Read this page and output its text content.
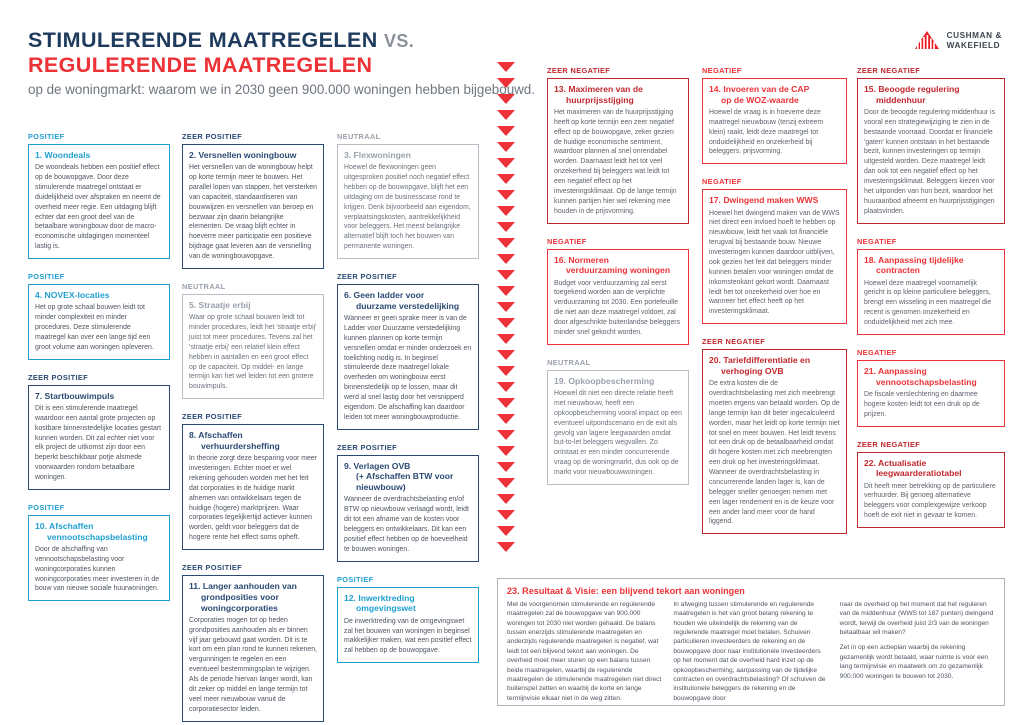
STIMULERENDE MAATREGELEN VS.
REGULERENDE MAATREGELEN
op de woningmarkt: waarom we in 2030 geen 900.000 woningen hebben bijgebouwd.
CUSHMAN &
WAKEFIELD
POSITIEF
1. Woondeals
De woondeals hebben een positief effect op de bouwopgave. Door deze stimulerende maatregel ontstaat er duidelijkheid over afspraken en neemt de overheid meer regie. Een uitdaging blijft echter dat een groot deel van de betaalbare woningbouw door de macro-economische uitdagingen momenteel lastig is.
POSITIEF
4. NOVEX-locaties
Het op grote schaal bouwen leidt tot minder complexiteit en minder procedures. Deze stimulerende maatregel kan over een lange tijd een groot volume aan woningen opleveren.
ZEER POSITIEF
7. Startbouwimpuls
Dit is een stimulerende maatregel waardoor een aantal grote projecten op kostbare binnenstedelijke locaties gestart kunnen worden. Dit zal echter niet voor elk project de uitkomst zijn door een beperkt beschikbaar potje alsmede voorwaarden rondom betaalbare woningen.
POSITIEF
10. Afschaffen
vennootschapsbelasting
Door de afschaffing van vennootschapsbelasting voor woningcorporaties kunnen woningcorporaties meer investeren in de bouw van nieuwe sociale huurwoningen.
ZEER POSITIEF
2. Versnellen woningbouw
Het versnellen van de woningbouw helpt op korte termijn meer te bouwen. Het parallel lopen van stappen, het versterken van capaciteit, standaardiseren van bouwwijzen en versnellen van beroep en bezwaar zijn daarin belangrijke elementen. De vraag blijft echter in hoeverre meer participatie een positieve bijdrage gaat leveren aan de versnelling van de woningbouwopgave.
NEUTRAAL
5. Straatje erbij
Waar op grote schaal bouwen leidt tot minder procedures, leidt het 'straatje erbij' juist tot meer procedures. Tevens zal het 'straatje erbij' een relatief klein effect hebben in aantallen en een groot effect op de capaciteit. Op middel- en lange termijn kan het wel leiden tot een grotere bouwimpuls.
ZEER POSITIEF
8. Afschaffen
verhuurdersheffing
In theorie zorgt deze besparing voor meer investeringen. Echter moet er wel rekening gehouden worden met het feit dat corporaties in de huidige markt afnemen van ontwikkelaars tegen de huidige (hogere) marktprijzen. Waar corporaties tegelijkertijd actiever kunnen worden, geldt voor beleggers dat de hogere rente het effect soms opheft.
ZEER POSITIEF
11. Langer aanhouden van
grondposities voor woningcorporaties
Corporaties mogen tot op heden grondposities aanhouden als er binnen vijf jaar gebouwd gaat worden. Dit is te kort om een plan rond te kunnen rekenen, vergunningen te regelen en een eventueel bestemmingsplan te wijzigen. Als de periode hiervan langer wordt, kan dit zeker op middel en lange termijn tot veel meer nieuwbouw vanuit de corporatiesector leiden.
NEUTRAAL
3. Flexwoningen
Hoewel de flexwoningen geen uitgesproken positief noch negatief effect hebben op de bouwopgave, blijft het een uitdaging om de businesscase rond te krijgen. Denk bijvoorbeeld aan eigendom, verplaatsingskosten, aantrekkelijkheid voor beleggers. Het meest belangrijke alternatief blijft toch het bouwen van permanente woningen.
ZEER POSITIEF
6. Geen ladder voor
duurzame verstedelijking
Wanneer er geen sprake meer is van de Ladder voor Duurzame verstedelijking kunnen plannen op korte termijn versnellen omdat er minder onderzoek en toelichting nodig is. In beginsel stimuleerde deze maatregel lokale overheden om woningbouw eerst binnenstedelijk op te lossen, maar dit werd al snel lastig door het versnipperd eigendom. De afschaffing kan daardoor leiden tot meer woningbouwproductie.
ZEER POSITIEF
9. Verlagen OVB
(+ Afschaffen BTW voor nieuwbouw)
Wanneer de overdrachtsbelasting en/of BTW op nieuwbouw verlaagd wordt, leidt dit tot een afname van de kosten voor beleggers en ontwikkelaars. Dit kan een positief effect hebben op de hoeveelheid te bouwen woningen.
POSITIEF
12. Inwerktreding
omgevingswet
De inwerktreding van de omgevingswet zal het bouwen van woningen in beginsel makkelijker maken, wat een positief effect zal hebben op de bouwopgave.
ZEER NEGATIEF
13. Maximeren van de
huurprijsstijging
Het maximeren van de huurprijsstijging heeft op korte termijn een zeer negatief effect op de bouwopgave, zeker gezien de huidige economische sentiment, waardoor plannen al snel onrendabel worden. Daarnaast leidt het tot veel onzekerheid bij beleggers wat leidt tot een negatief effect op het investeringsklimaat. Op de lange termijn kunnen partijen hier wel rekening mee houden in de prijsvorming.
NEGATIEF
16. Normeren
verduurzaming woningen
Budget voor verduurzaming zal eerst toegekend worden aan de verplichte verduurzaming tot 2030. Een portefeuille die niet aan deze maatregel voldoet, zal door afgeschrikte buitenlandse beleggers minder snel gekocht worden.
NEUTRAAL
19. Opkoopbescherming
Hoewel dit niet een directe relatie heeft met nieuwbouw, heeft een opkoopbescherming vooral impact op een eventueel uitpondscenario en de exit als gevolg van lagere leegwaarden omdat but-to-let beleggers wegvallen. Zo ontstaat er een minder concurrerende vraag op de woningmarkt, dus ook op de markt voor nieuwbouwwoningen.
NEGATIEF
14. Invoeren van de CAP
op de WOZ-waarde
Hoewel de vraag is in hoeverre deze maatregel nieuwbouw (tenzij extreem klein) raakt, leidt deze maatregel tot onduidelijkheid en onzekerheid bij beleggers. prijsvorming.
NEGATIEF
17. Dwingend maken WWS
Hoewel het dwingend maken van de WWS niet direct een invloed hoeft te hebben op nieuwbouw, leidt het vaak tot financiële terugval bij bestaande bouw. Nieuwe investeringen kunnen daardoor uitblijven, ook gezien het feit dat beleggers minder kunnen betalen voor woningen omdat de inkomstenkant gekort wordt. Daarnaast leidt het tot onzekerheid over hoe en wanneer het effect heeft op het investeringsklimaat.
ZEER NEGATIEF
20. Tariefdifferentiatie en
verhoging OVB
De extra kosten die de overdrachtsbelasting met zich meebrengt moeten ergens van betaald worden. Op de lange termijn kan dit beter ingecalculeerd worden, maar het leidt op korte termijn niet tot snel en meer bouwen. Het leidt tevens tot een druk op de betaalbaarheid omdat dit hogere kosten met zich meebrengten een druk op het investeringsklimaat. Wanneer de overdrachtsbelasting in concurrerende landen lager is, kan de belegger sneller genoegen nemen met een lager rendement en is de keuze voor een ander land meer voor de hand liggend.
ZEER NEGATIEF
15. Beoogde regulering
middenhuur
Door de beoogde regulering middenhuur is vooral een strategiewijziging te zien in de bestaande voorraad. Doordat er financiële 'gaten' kunnen ontstaan in het bestaande bezit, kunnen investeringen op termijn uitgesteld worden. Deze maatregel leidt dan ook tot een negatief effect op het investeringsklimaat. Beleggers kiezen voor het uitponden van hun bezit, waardoor het huuraanbod afneemt en huurprijsstijgingen plaatsvinden.
NEGATIEF
18. Aanpassing tijdelijke
contracten
Hoewel deze maatregel voornamelijk gericht is op kleine particuliere beleggers, brengt een wisseling in een maatregel die recent is genomen onzekerheid en onduidelijkheid met zich mee.
NEGATIEF
21. Aanpassing
vennootschapsbelasting
De fiscale verslechtering en daarmee hogere kosten leidt tot een druk op de prijzen.
ZEER NEGATIEF
22. Actualisatie
leegwaarderatiotabel
Dit heeft meer betrekking op de particuliere verhuurder. Bij genoeg alternatieve beleggers voor complexgewijze verkoop hoeft de exit niet in gevaar te komen.
23. Resultaat & Visie: een blijvend tekort aan woningen

Met de voorgenomen stimulerende en regulerende maatregelen zal de bouwopgave van 900.000 woningen tot 2030 niet worden gehaald. De balans tussen enerzijds stimulerende maatregelen en anderzijds regulerende maatregelen is negatief, wat leidt tot een blijvend tekort aan woningen. De overheid moet meer sturen op een balans tussen beide maatregelen, waarbij de regulerende maatregelen de stimulerende maatregelen niet direct buitenspel zetten en waarbij de korte en lange termijnvisie elkaar niet in de weg zitten.

In afweging tussen stimulerende en regulerende maatregelen is het van groot belang rekening te houden wie uiteindelijk de rekening van de regulerende maatregel moet betalen. Schuiven particulieren investeerders de rekening en de bouwopgave door naar institutionele investeerders op het moment dat de overheid hard inzet op de opkoopbescherming, aanpassing van de tijdelijke contracten en overdrachtsbelasting? Of schuiven de institutionele beleggers de rekening en de bouwopgave door

naar de overheid op het moment dat het reguleren van de middenhuur (WWS tot 187 punten) dwingend wordt, terwijl de overheid juist 2/3 van de woningen betaalbaar wil maken?

Zet in op een actieplan waarbij de rekening gezamenlijk wordt betaald, waar ruimte is voor een lang termijnvisie en maatwerk om zo gezamenlijk 900.000 woningen te bouwen tot 2030.
